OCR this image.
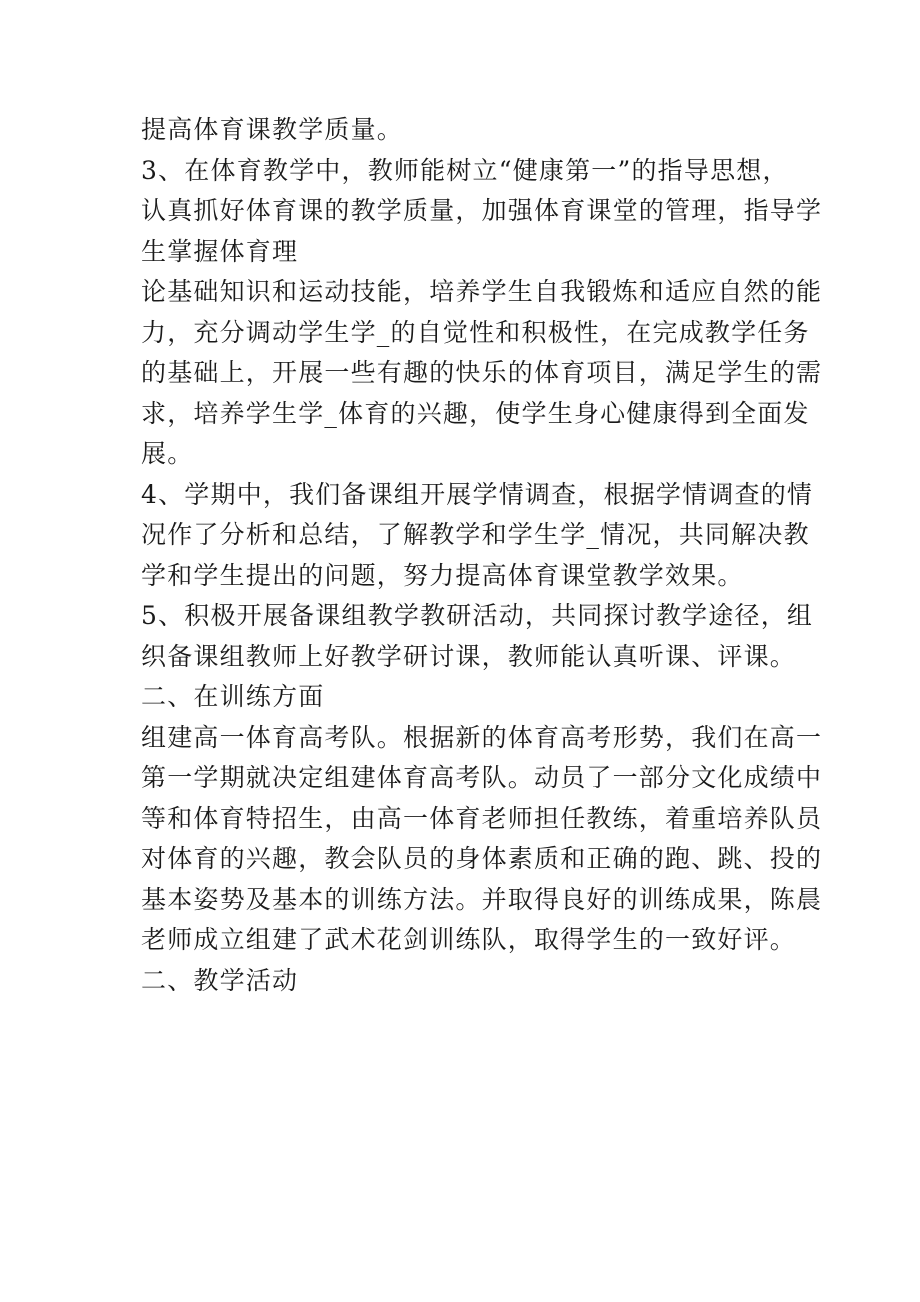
提高体育课教学质量。
3、在体育教学中，教师能树立“健康第一”的指导思想，
认真抓好体育课的教学质量，加强体育课堂的管理，指导学
生掌握体育理
论基础知识和运动技能，培养学生自我锻炼和适应自然的能
力，充分调动学生学_的自觉性和积极性，在完成教学任务
的基础上，开展一些有趣的快乐的体育项目，满足学生的需
求，培养学生学_体育的兴趣，使学生身心健康得到全面发
展。
4、学期中，我们备课组开展学情调查，根据学情调查的情
况作了分析和总结，了解教学和学生学_情况，共同解决教
学和学生提出的问题，努力提高体育课堂教学效果。
5、积极开展备课组教学教研活动，共同探讨教学途径，组
织备课组教师上好教学研讨课，教师能认真听课、评课。
二、在训练方面
组建高一体育高考队。根据新的体育高考形势，我们在高一
第一学期就决定组建体育高考队。动员了一部分文化成绩中
等和体育特招生，由高一体育老师担任教练，着重培养队员
对体育的兴趣，教会队员的身体素质和正确的跑、跳、投的
基本姿势及基本的训练方法。并取得良好的训练成果，陈晨
老师成立组建了武术花剑训练队，取得学生的一致好评。
二、教学活动
